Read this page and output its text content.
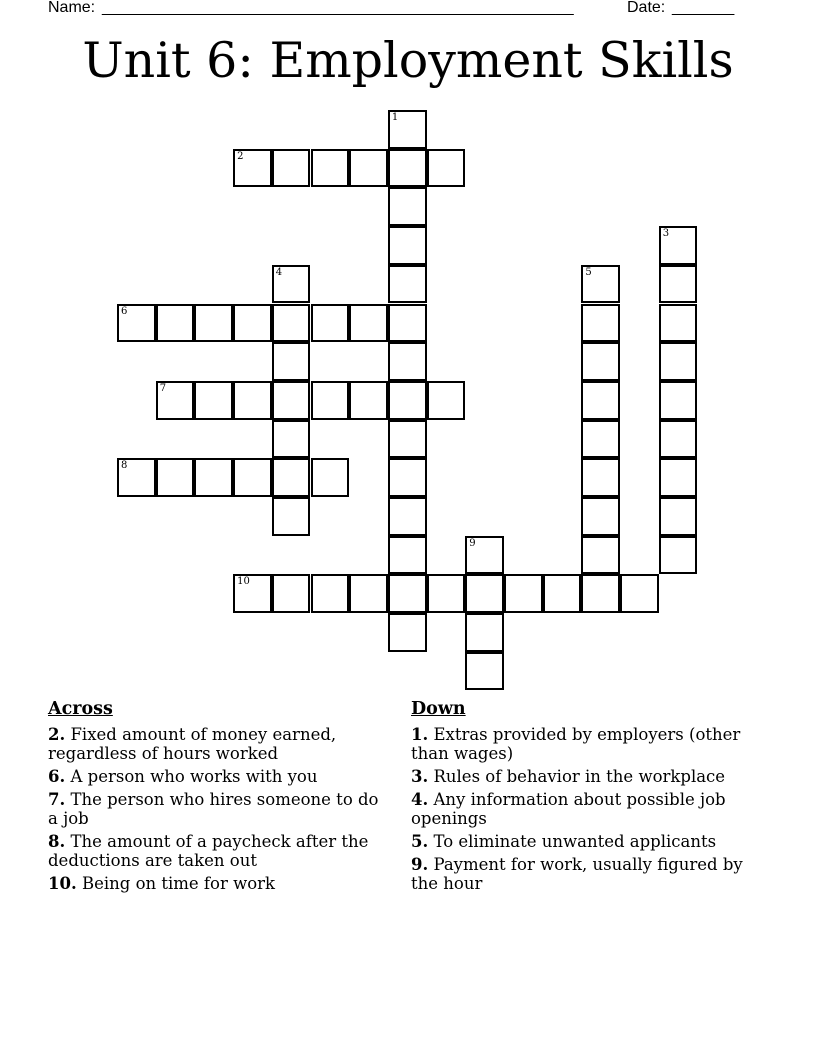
Name: _____________________________________________________	Date: _______
Unit 6: Employment Skills
1
2
3
4	5
6
7
8
9
10
Across
2. Fixed amount of money earned, regardless of hours worked
6. A person who works with you
7. The person who hires someone to do a job
8. The amount of a paycheck after the deductions are taken out
10. Being on time for work
Down
1. Extras provided by employers (other than wages)
3. Rules of behavior in the workplace
4. Any information about possible job openings
5. To eliminate unwanted applicants
9. Payment for work, usually figured by the hour
